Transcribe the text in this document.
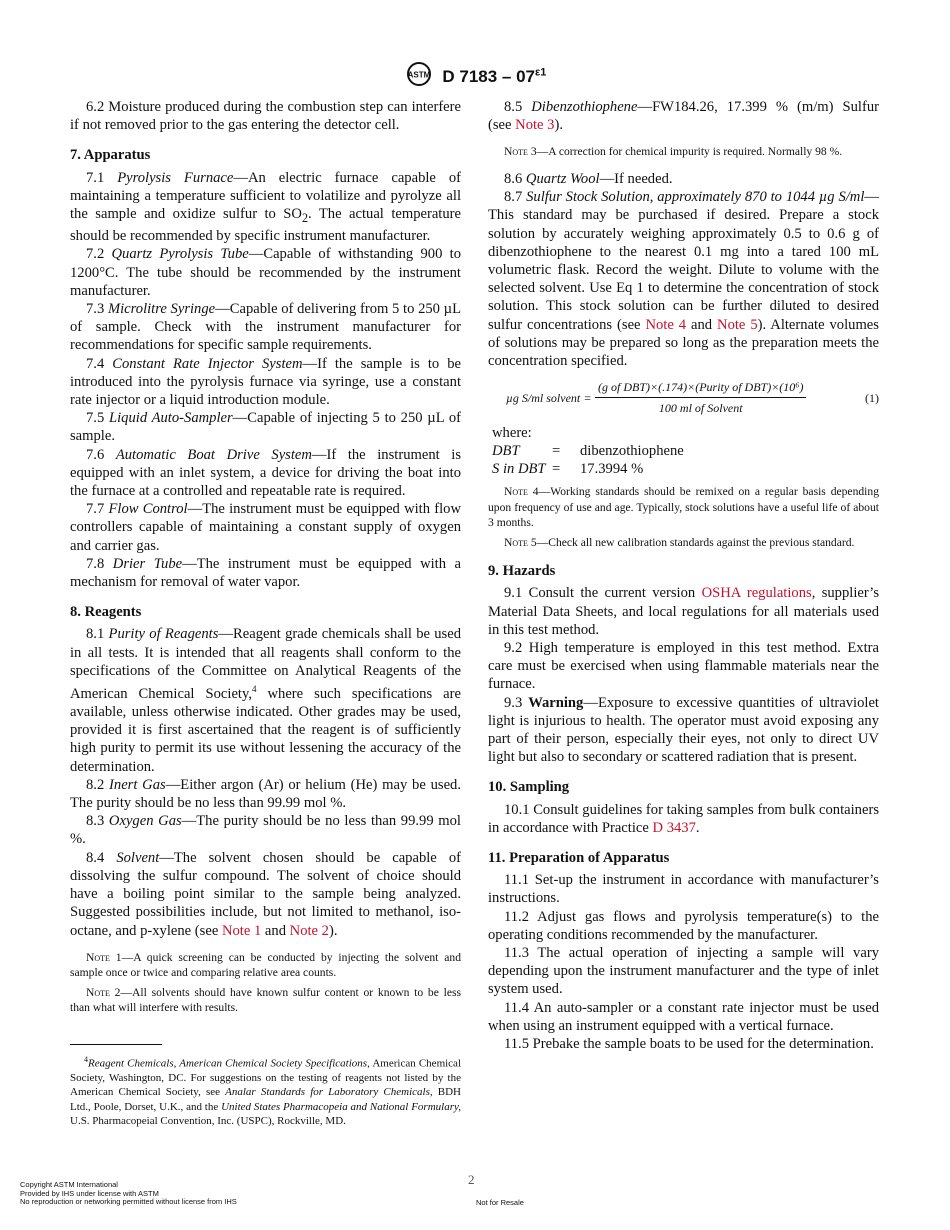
ASTM D $7183 - 07^{\varepsilon 1}$

6.2 Moisture produced during the combustion step can interfere if not removed prior to the gas entering the detector cell.

7. Apparatus

7.1 Pyrolysis Furnace—An electric furnace capable of maintaining a temperature sufficient to volatilize and pyrolyze all the sample and oxidize sulfur to $SO_2$. The actual temperature should be recommended by specific instrument manufacturer.

7.2 Quartz Pyrolysis Tube—Capable of withstanding 900 to 1200°C. The tube should be recommended by the instrument manufacturer.

7.3 Microlitre Syringe—Capable of delivering from 5 to 250 µL of sample. Check with the instrument manufacturer for recommendations for specific sample requirements.

7.4 Constant Rate Injector System—If the sample is to be introduced into the pyrolysis furnace via syringe, use a constant rate injector or a liquid introduction module.

7.5 Liquid Auto-Sampler—Capable of injecting 5 to 250 µL of sample.

7.6 Automatic Boat Drive System—If the instrument is equipped with an inlet system, a device for driving the boat into the furnace at a controlled and repeatable rate is required.

7.7 Flow Control—The instrument must be equipped with flow controllers capable of maintaining a constant supply of oxygen and carrier gas.

7.8 Drier Tube—The instrument must be equipped with a mechanism for removal of water vapor.

8. Reagents

8.1 Purity of Reagents—Reagent grade chemicals shall be used in all tests. It is intended that all reagents shall conform to the specifications of the Committee on Analytical Reagents of the American Chemical Society,$^4$ where such specifications are available, unless otherwise indicated. Other grades may be used, provided it is first ascertained that the reagent is of sufficiently high purity to permit its use without lessening the accuracy of the determination.

8.2 Inert Gas—Either argon (Ar) or helium (He) may be used. The purity should be no less than 99.99 mol %.

8.3 Oxygen Gas—The purity should be no less than 99.99 mol %.

8.4 Solvent—The solvent chosen should be capable of dissolving the sulfur compound. The solvent of choice should have a boiling point similar to the sample being analyzed. Suggested possibilities include, but not limited to methanol, iso-octane, and p-xylene (see Note 1 and Note 2).

Note 1—A quick screening can be conducted by injecting the solvent and sample once or twice and comparing relative area counts.

Note 2—All solvents should have known sulfur content or known to be less than what will interfere with results.

$^4$Reagent Chemicals, American Chemical Society Specifications, American Chemical Society, Washington, DC. For suggestions on the testing of reagents not listed by the American Chemical Society, see Analar Standards for Laboratory Chemicals, BDH Ltd., Poole, Dorset, U.K., and the United States Pharmacopeia and National Formulary, U.S. Pharmacopeial Convention, Inc. (USPC), Rockville, MD.

8.5 Dibenzothiophene—FW184.26, 17.399 % (m/m) Sulfur (see Note 3).

Note 3—A correction for chemical impurity is required. Normally 98 %.

8.6 Quartz Wool—If needed.

8.7 Sulfur Stock Solution, approximately 870 to 1044 µg S/ml—This standard may be purchased if desired. Prepare a stock solution by accurately weighing approximately 0.5 to 0.6 g of dibenzothiophene to the nearest 0.1 mg into a tared 100 mL volumetric flask. Record the weight. Dilute to volume with the selected solvent. Use Eq 1 to determine the concentration of stock solution. This stock solution can be further diluted to desired sulfur concentrations (see Note 4 and Note 5). Alternate volumes of solutions may be prepared so long as the preparation meets the concentration specified.

µg S/ml solvent = $\frac{\text{(g of DBT)×(.174)×(Purity of DBT)×(10⁶)}}{\text{100 ml of Solvent}}$	(1)

where:

DBT	=	dibenzothiophene
S in DBT =	17.3994 %

Note 4—Working standards should be remixed on a regular basis depending upon frequency of use and age. Typically, stock solutions have a useful life of about 3 months.

Note 5—Check all new calibration standards against the previous standard.

9. Hazards

9.1 Consult the current version OSHA regulations, supplier’s Material Data Sheets, and local regulations for all materials used in this test method.

9.2 High temperature is employed in this test method. Extra care must be exercised when using flammable materials near the furnace.

9.3 Warning—Exposure to excessive quantities of ultraviolet light is injurious to health. The operator must avoid exposing any part of their person, especially their eyes, not only to direct UV light but also to secondary or scattered radiation that is present.

10. Sampling

10.1 Consult guidelines for taking samples from bulk containers in accordance with Practice D 3437.

11. Preparation of Apparatus

11.1 Set-up the instrument in accordance with manufacturer’s instructions.

11.2 Adjust gas flows and pyrolysis temperature(s) to the operating conditions recommended by the manufacturer.

11.3 The actual operation of injecting a sample will vary depending upon the instrument manufacturer and the type of inlet system used.

11.4 An auto-sampler or a constant rate injector must be used when using an instrument equipped with a vertical furnace.

11.5 Prebake the sample boats to be used for the determination.

2
Copyright ASTM International
Provided by IHS under license with ASTM
No reproduction or networking permitted without license from IHS	Not for Resale
